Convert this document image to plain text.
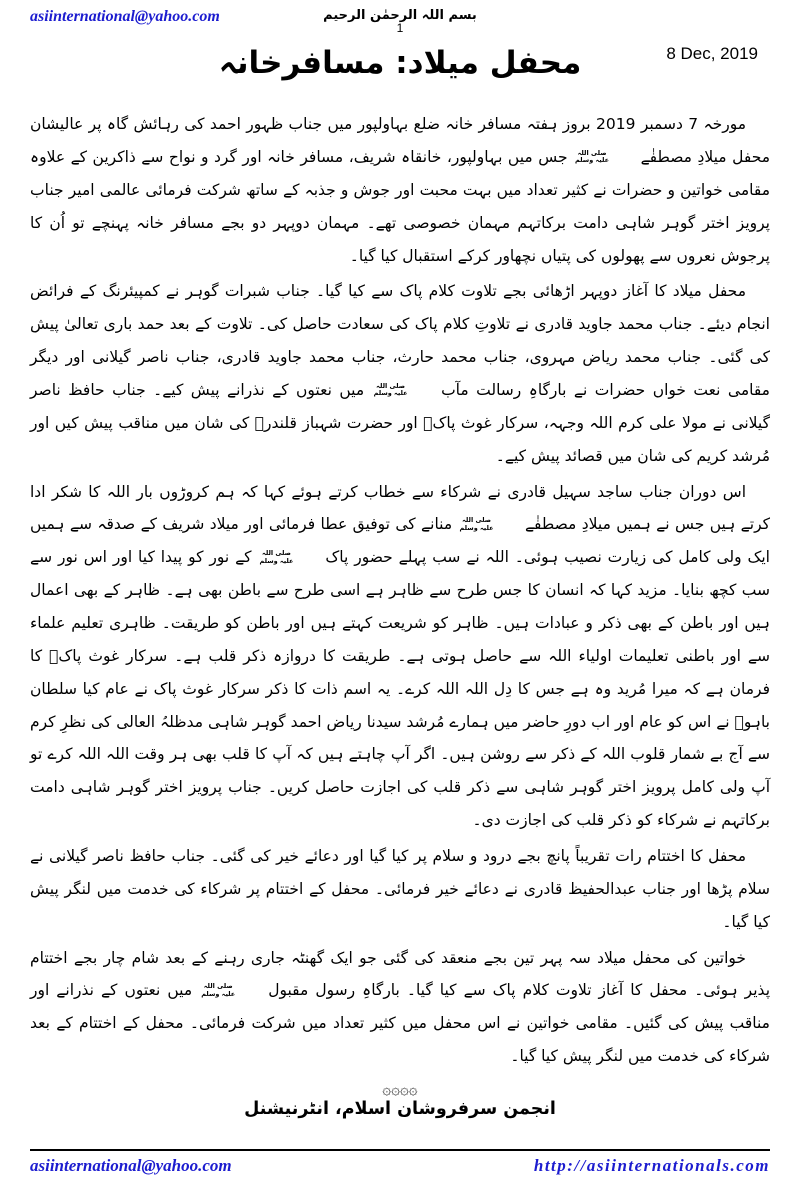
asiinternational@yahoo.com	بسم اللہ الرحمٰن الرحیم
1
8 Dec, 2019
محفل میلاد: مسافرخانہ

مورخہ 7 دسمبر 2019 بروز ہفتہ مسافر خانہ ضلع بہاولپور میں جناب ظہور احمد کی رہائش گاہ پر عالیشان محفل میلادِ مصطفٰے
صلی اللہ
علیہ وسلم
جس میں بہاولپور، خانقاہ شریف، مسافر خانہ اور گرد و نواح سے ذاکرین کے علاوہ مقامی خواتین و حضرات نے کثیر تعداد میں بہت محبت اور جوش و جذبہ کے ساتھ شرکت فرمائی عالمی امیر جناب پرویز اختر گوہر شاہی دامت برکاتہم مہمان خصوصی تھے۔ مہمان دوپہر دو بجے مسافر خانہ پہنچے تو اُن کا پرجوش نعروں سے پھولوں کی پتیاں نچھاور کرکے استقبال کیا گیا۔

محفل میلاد کا آغاز دوپہر اڑھائی بجے تلاوت کلام پاک سے کیا گیا۔ جناب شبرات گوہر نے کمپیئرنگ کے فرائض انجام دیئے۔ جناب محمد جاوید قادری نے تلاوتِ کلام پاک کی سعادت حاصل کی۔ تلاوت کے بعد حمد باری تعالیٰ پیش کی گئی۔ جناب محمد ریاض مہروی، جناب محمد حارث، جناب محمد جاوید قادری، جناب ناصر گیلانی اور دیگر مقامی نعت خواں حضرات نے بارگاہِ رسالت مآب
صلی اللہ
علیہ وسلم
میں نعتوں کے نذرانے پیش کیے۔ جناب حافظ ناصر گیلانی نے مولا علی کرم اللہ وجہہ، سرکار غوث پاکؓ اور حضرت شہباز قلندرؒ کی شان میں مناقب پیش کیں اور مُرشد کریم کی شان میں قصائد پیش کیے۔

اس دوران جناب ساجد سہیل قادری نے شرکاء سے خطاب کرتے ہوئے کہا کہ ہم کروڑوں بار اللہ کا شکر ادا کرتے ہیں جس نے ہمیں میلادِ مصطفٰے
صلی اللہ
علیہ وسلم
منانے کی توفیق عطا فرمائی اور میلاد شریف کے صدقہ سے ہمیں ایک ولی کامل کی زیارت نصیب ہوئی۔ اللہ نے سب پہلے حضور پاک
صلی اللہ
علیہ وسلم
کے نور کو پیدا کیا اور اس نور سے سب کچھ بنایا۔ مزید کہا کہ انسان کا جس طرح سے ظاہر ہے اسی طرح سے باطن بھی ہے۔ ظاہر کے بھی اعمال ہیں اور باطن کے بھی ذکر و عبادات ہیں۔ ظاہر کو شریعت کہتے ہیں اور باطن کو طریقت۔ ظاہری تعلیم علماء سے اور باطنی تعلیمات اولیاء اللہ سے حاصل ہوتی ہے۔ طریقت کا دروازہ ذکر قلب ہے۔ سرکار غوث پاکؒ کا فرمان ہے کہ میرا مُرید وہ ہے جس کا دِل اللہ اللہ کرے۔ یہ اسم ذات کا ذکر سرکار غوث پاک نے عام کیا سلطان باہوؒ نے اس کو عام اور اب دورِ حاضر میں ہمارے مُرشد سیدنا ریاض احمد گوہر شاہی مدظلہُ العالی کی نظرِ کرم سے آج بے شمار قلوب اللہ کے ذکر سے روشن ہیں۔ اگر آپ چاہتے ہیں کہ آپ کا قلب بھی ہر وقت اللہ اللہ کرے تو آپ ولی کامل پرویز اختر گوہر شاہی سے ذکر قلب کی اجازت حاصل کریں۔ جناب پرویز اختر گوہر شاہی دامت برکاتہم نے شرکاء کو ذکر قلب کی اجازت دی۔

محفل کا اختتام رات تقریباً پانچ بجے درود و سلام پر کیا گیا اور دعائے خیر کی گئی۔ جناب حافظ ناصر گیلانی نے سلام پڑھا اور جناب عبدالحفیظ قادری نے دعائے خیر فرمائی۔ محفل کے اختتام پر شرکاء کی خدمت میں لنگر پیش کیا گیا۔

خواتین کی محفل میلاد سہ پہر تین بجے منعقد کی گئی جو ایک گھنٹہ جاری رہنے کے بعد شام چار بجے اختتام پذیر ہوئی۔ محفل کا آغاز تلاوت کلام پاک سے کیا گیا۔ بارگاہِ رسول مقبول
صلی اللہ
علیہ وسلم
میں نعتوں کے نذرانے اور مناقب پیش کی گئیں۔ مقامی خواتین نے اس محفل میں کثیر تعداد میں شرکت فرمائی۔ محفل کے اختتام کے بعد شرکاء کی خدمت میں لنگر پیش کیا گیا۔

۞۞۞۞
انجمن سرفروشان اسلام، انٹرنیشنل
asiinternational@yahoo.com	http://asiinternationals.com
